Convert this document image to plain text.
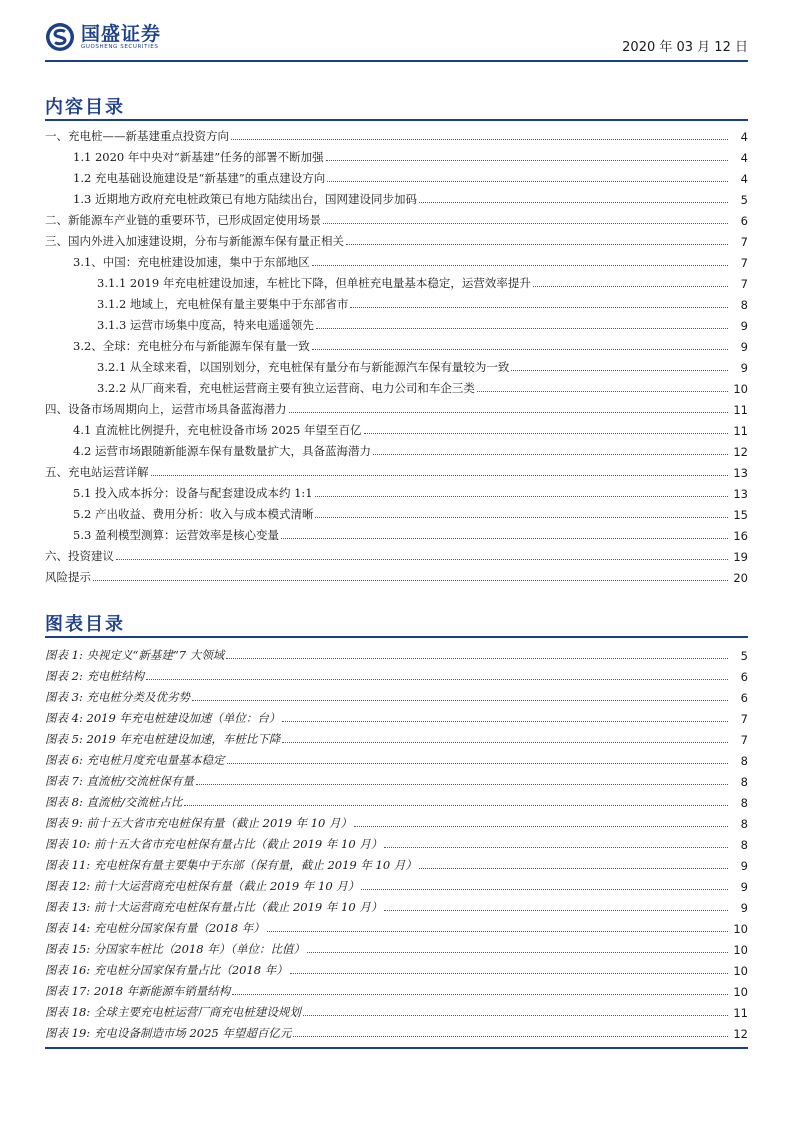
国盛证券
GUOSHENG SECURITIES	2020 年 03 月 12 日
内容目录
一、充电桩——新基建重点投资方向	4
1.1 2020 年中央对“新基建”任务的部署不断加强	4
1.2 充电基础设施建设是“新基建”的重点建设方向	4
1.3 近期地方政府充电桩政策已有地方陆续出台，国网建设同步加码	5
二、新能源车产业链的重要环节，已形成固定使用场景	6
三、国内外进入加速建设期，分布与新能源车保有量正相关	7
3.1、中国：充电桩建设加速，集中于东部地区	7
3.1.1 2019 年充电桩建设加速，车桩比下降，但单桩充电量基本稳定，运营效率提升	7
3.1.2 地域上，充电桩保有量主要集中于东部省市	8
3.1.3 运营市场集中度高，特来电遥遥领先	9
3.2、全球：充电桩分布与新能源车保有量一致	9
3.2.1 从全球来看，以国别划分，充电桩保有量分布与新能源汽车保有量较为一致	9
3.2.2 从厂商来看，充电桩运营商主要有独立运营商、电力公司和车企三类	10
四、设备市场周期向上，运营市场具备蓝海潜力	11
4.1 直流桩比例提升，充电桩设备市场 2025 年望至百亿	11
4.2 运营市场跟随新能源车保有量数量扩大，具备蓝海潜力	12
五、充电站运营详解	13
5.1 投入成本拆分：设备与配套建设成本约 1:1	13
5.2 产出收益、费用分析：收入与成本模式清晰	15
5.3 盈利模型测算：运营效率是核心变量	16
六、投资建议	19
风险提示	20
图表目录
图表 1: 央视定义“新基建”7 大领域	5
图表 2: 充电桩结构	6
图表 3: 充电桩分类及优劣势	6
图表 4: 2019 年充电桩建设加速（单位：台）	7
图表 5: 2019 年充电桩建设加速，车桩比下降	7
图表 6: 充电桩月度充电量基本稳定	8
图表 7: 直流桩/交流桩保有量	8
图表 8: 直流桩/交流桩占比	8
图表 9: 前十五大省市充电桩保有量（截止 2019 年 10 月）	8
图表 10: 前十五大省市充电桩保有量占比（截止 2019 年 10 月）	8
图表 11: 充电桩保有量主要集中于东部（保有量，截止 2019 年 10 月）	9
图表 12: 前十大运营商充电桩保有量（截止 2019 年 10 月）	9
图表 13: 前十大运营商充电桩保有量占比（截止 2019 年 10 月）	9
图表 14: 充电桩分国家保有量（2018 年）	10
图表 15: 分国家车桩比（2018 年）（单位：比值）	10
图表 16: 充电桩分国家保有量占比（2018 年）	10
图表 17: 2018 年新能源车销量结构	10
图表 18: 全球主要充电桩运营厂商充电桩建设规划	11
图表 19: 充电设备制造市场 2025 年望超百亿元	12
